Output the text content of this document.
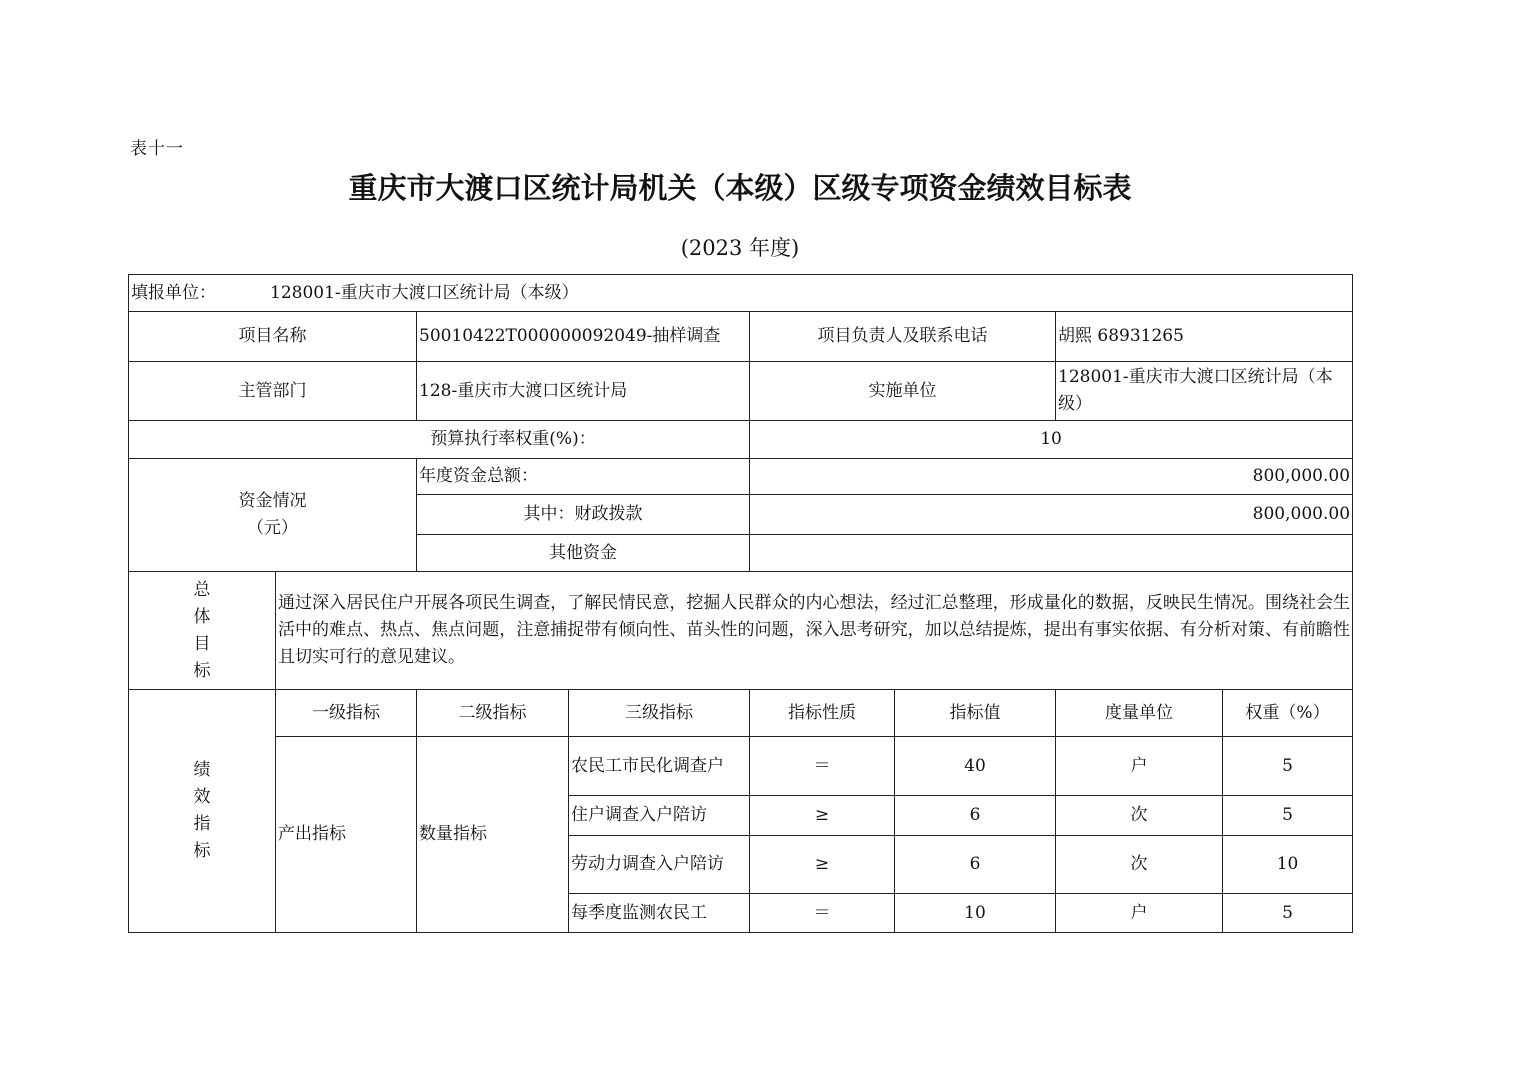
表十一
重庆市大渡口区统计局机关（本级）区级专项资金绩效目标表
(2023 年度)
填报单位： 128001-重庆市大渡口区统计局（本级）							
项目名称		50010422T000000092049-抽样调查		项目负责人及联系电话		胡熙 68931265	
主管部门		128-重庆市大渡口区统计局		实施单位		128001-重庆市大渡口区统计局（本级）	
预算执行率权重(%)：				10			

资金情况
（元）		年度资金总额：		800,000.00			
		其中：财政拨款		800,000.00			
		其他资金					

总
体
目
标	通过深入居民住户开展各项民生调查，了解民情民意，挖掘人民群众的内心想法，经过汇总整理，形成量化的数据，反映民生情况。围绕社会生活中的难点、热点、焦点问题，注意捕捉带有倾向性、苗头性的问题，深入思考研究，加以总结提炼，提出有事实依据、有分析对策、有前瞻性且切实可行的意见建议。						

绩
效
指
标	一级指标	二级指标	三级指标	指标性质	指标值	度量单位	权重（%）
	产出指标	数量指标	农民工市民化调查户	＝	40	户	5
			住户调查入户陪访	≥	6	次	5
			劳动力调查入户陪访	≥	6	次	10
			每季度监测农民工	＝	10	户	5
